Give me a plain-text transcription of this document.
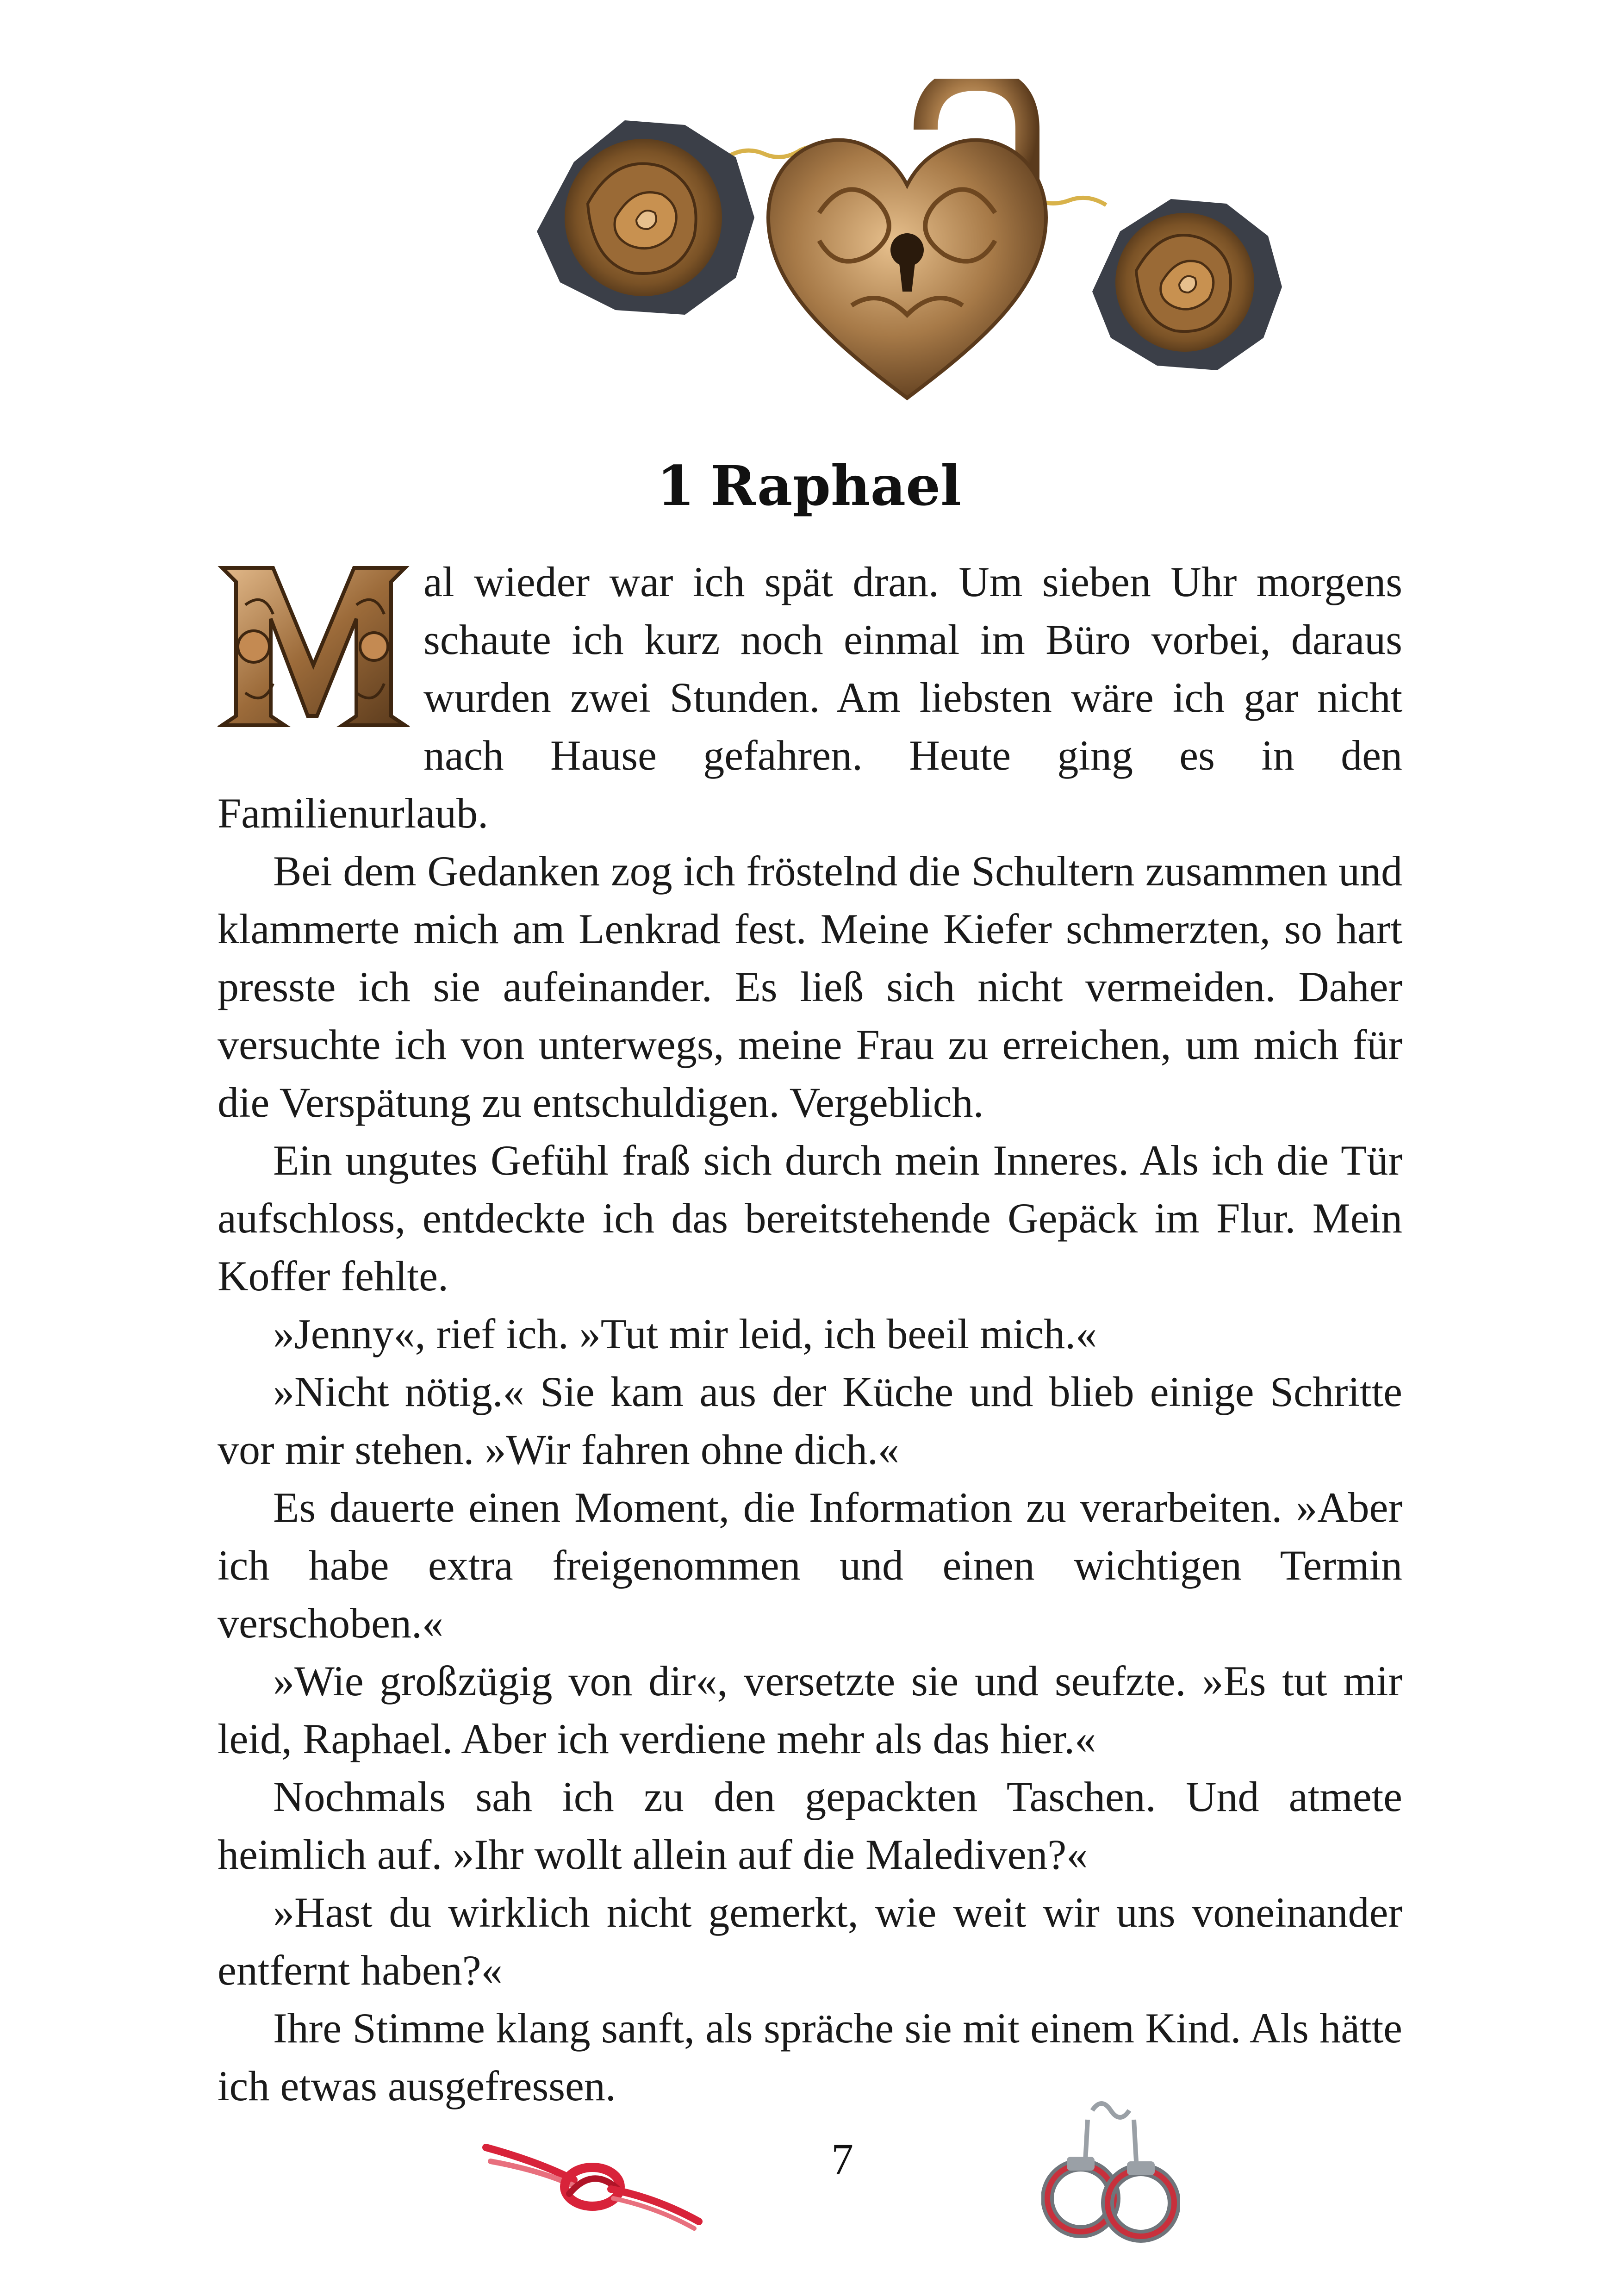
1 Raphael

al wieder war ich spät dran. Um sieben Uhr morgens schaute ich kurz noch einmal im Büro vorbei, daraus wurden zwei Stunden. Am liebsten wäre ich gar nicht nach Hause gefahren. Heute ging es in den Familienurlaub.

Bei dem Gedanken zog ich fröstelnd die Schultern zusammen und klammerte mich am Lenkrad fest. Meine Kiefer schmerzten, so hart presste ich sie aufeinander. Es ließ sich nicht vermeiden. Daher versuchte ich von unterwegs, meine Frau zu erreichen, um mich für die Verspätung zu entschuldigen. Vergeblich.

Ein ungutes Gefühl fraß sich durch mein Inneres. Als ich die Tür aufschloss, entdeckte ich das bereitstehende Gepäck im Flur. Mein Koffer fehlte.

»Jenny«, rief ich. »Tut mir leid, ich beeil mich.«

»Nicht nötig.« Sie kam aus der Küche und blieb einige Schritte vor mir stehen. »Wir fahren ohne dich.«

Es dauerte einen Moment, die Information zu verarbeiten. »Aber ich habe extra freigenommen und einen wichtigen Termin verschoben.«

»Wie großzügig von dir«, versetzte sie und seufzte. »Es tut mir leid, Raphael. Aber ich verdiene mehr als das hier.«

Nochmals sah ich zu den gepackten Taschen. Und atmete heimlich auf. »Ihr wollt allein auf die Malediven?«

»Hast du wirklich nicht gemerkt, wie weit wir uns voneinander entfernt haben?«

Ihre Stimme klang sanft, als spräche sie mit einem Kind. Als hätte ich etwas ausgefressen.

7
